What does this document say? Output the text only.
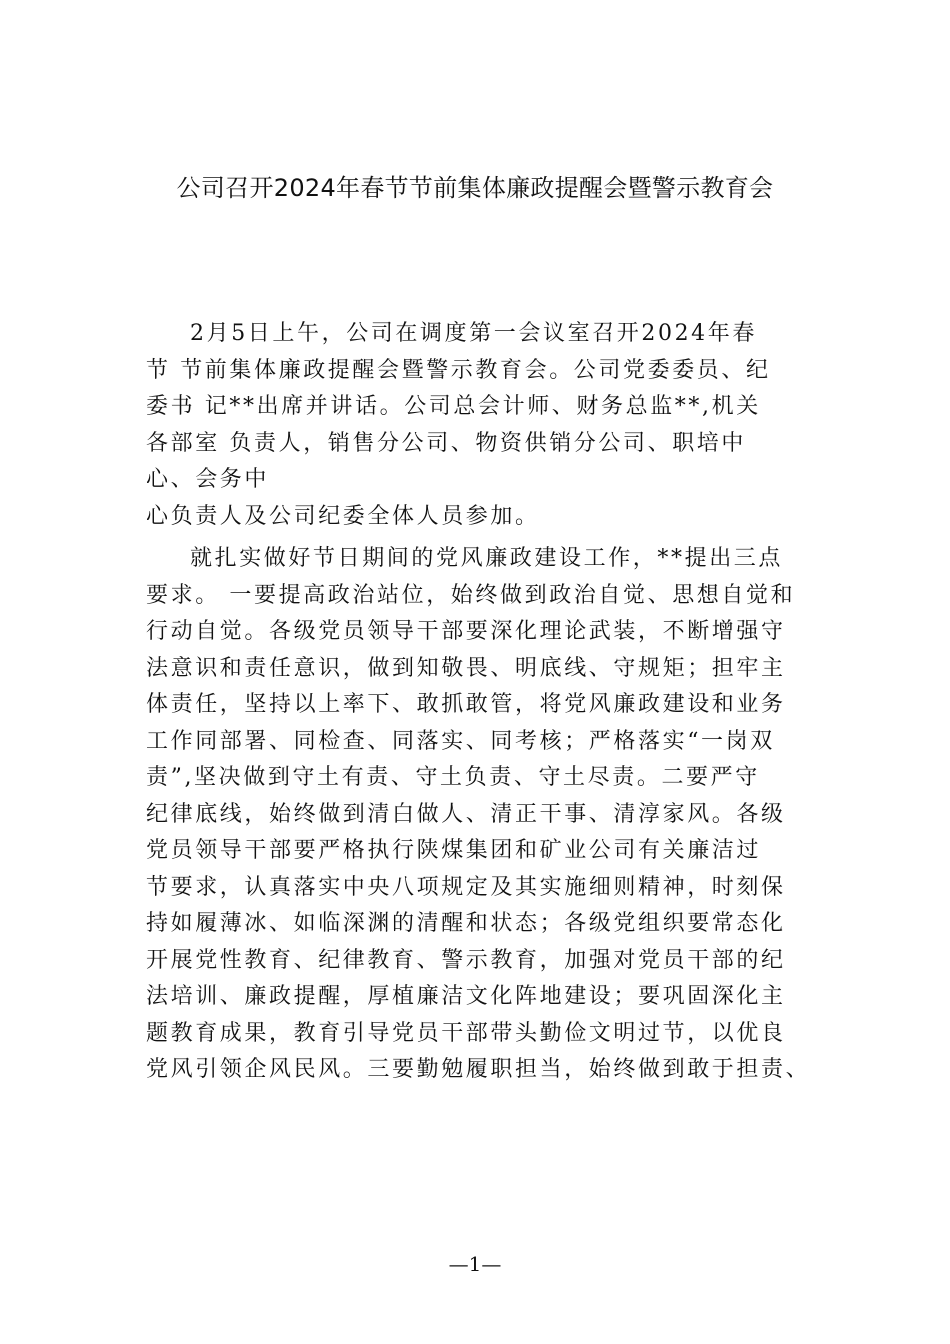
公司召开2024年春节节前集体廉政提醒会暨警示教育会

2月5日上午，公司在调度第一会议室召开2024年春
节 节前集体廉政提醒会暨警示教育会。公司党委委员、纪
委书 记**出席并讲话。公司总会计师、财务总监**,机关
各部室 负责人，销售分公司、物资供销分公司、职培中
心、会务中
心负责人及公司纪委全体人员参加。

就扎实做好节日期间的党风廉政建设工作，**提出三点
要求。 一要提高政治站位，始终做到政治自觉、思想自觉和
行动自觉。各级党员领导干部要深化理论武装，不断增强守
法意识和责任意识，做到知敬畏、明底线、守规矩；担牢主
体责任，坚持以上率下、敢抓敢管，将党风廉政建设和业务
工作同部署、同检查、同落实、同考核；严格落实“一岗双
责”,坚决做到守土有责、守土负责、守土尽责。二要严守
纪律底线，始终做到清白做人、清正干事、清淳家风。各级
党员领导干部要严格执行陕煤集团和矿业公司有关廉洁过
节要求，认真落实中央八项规定及其实施细则精神，时刻保
持如履薄冰、如临深渊的清醒和状态；各级党组织要常态化
开展党性教育、纪律教育、警示教育，加强对党员干部的纪
法培训、廉政提醒，厚植廉洁文化阵地建设；要巩固深化主
题教育成果，教育引导党员干部带头勤俭文明过节，以优良
党风引领企风民风。三要勤勉履职担当，始终做到敢于担责、

—1—
